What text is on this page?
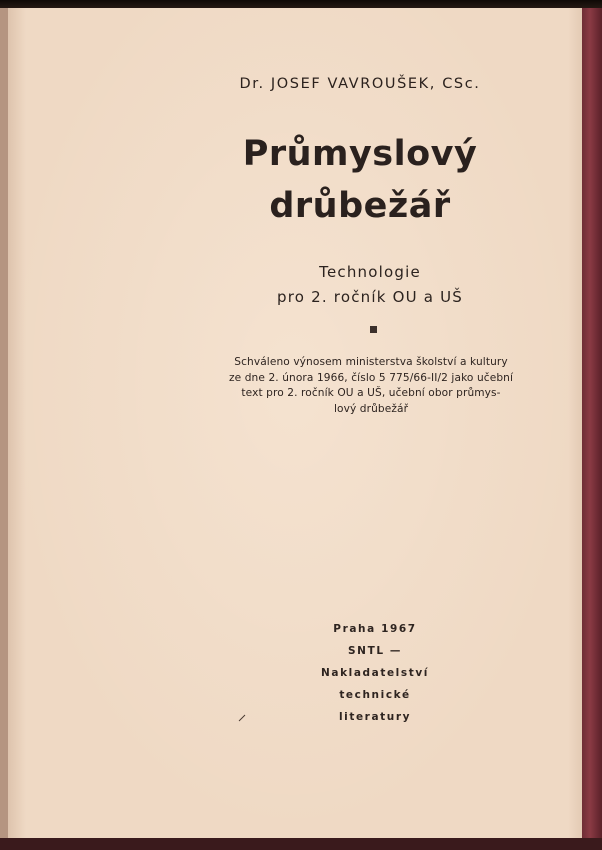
Dr. JOSEF VAVROUŠEK, CSc.
Průmyslový
drůbežář
Technologie
pro 2. ročník OU a UŠ
Schváleno výnosem ministerstva školství a kultury
ze dne 2. února 1966, číslo 5 775/66-II/2 jako učební
text pro 2. ročník OU a UŠ, učební obor průmys-
lový drůbežář
Praha 1967
SNTL —
Nakladatelství
technické
literatury
